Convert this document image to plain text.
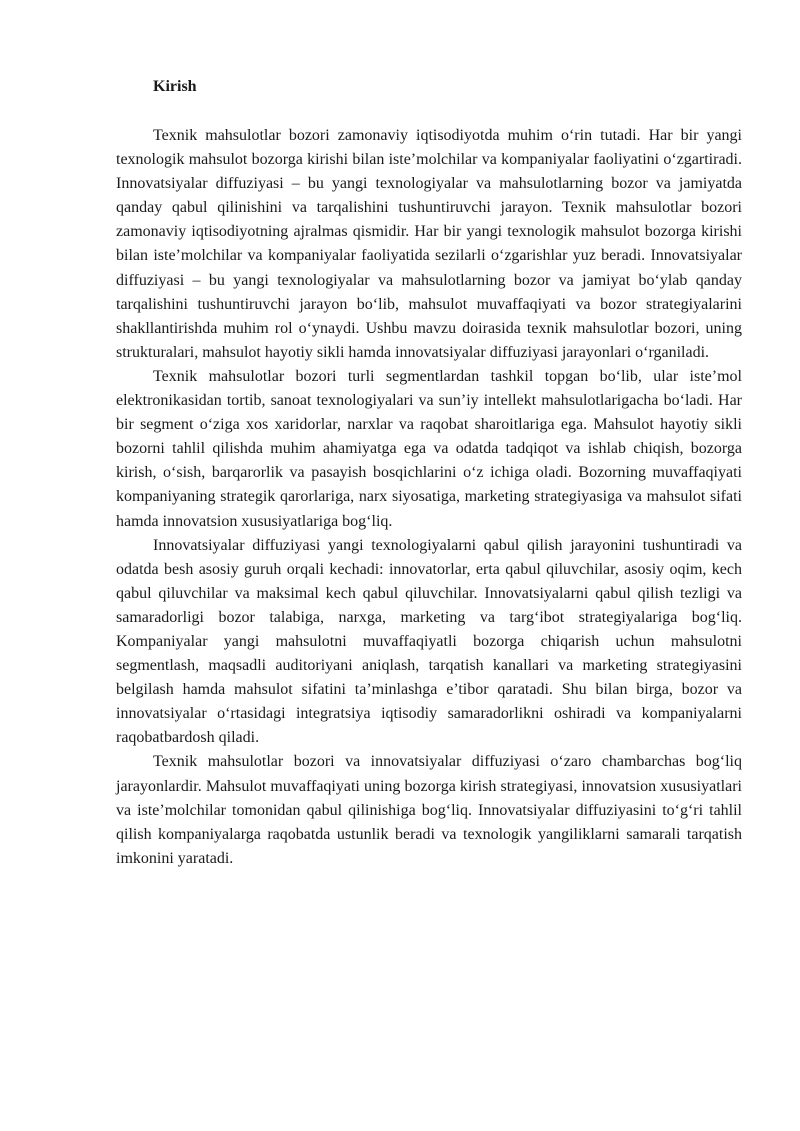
Kirish

Texnik mahsulotlar bozori zamonaviy iqtisodiyotda muhim o‘rin tutadi. Har bir yangi texnologik mahsulot bozorga kirishi bilan iste’molchilar va kompaniyalar faoliyatini o‘zgartiradi. Innovatsiyalar diffuziyasi – bu yangi texnologiyalar va mahsulotlarning bozor va jamiyatda qanday qabul qilinishini va tarqalishini tushuntiruvchi jarayon. Texnik mahsulotlar bozori zamonaviy iqtisodiyotning ajralmas qismidir. Har bir yangi texnologik mahsulot bozorga kirishi bilan iste’molchilar va kompaniyalar faoliyatida sezilarli o‘zgarishlar yuz beradi. Innovatsiyalar diffuziyasi – bu yangi texnologiyalar va mahsulotlarning bozor va jamiyat bo‘ylab qanday tarqalishini tushuntiruvchi jarayon bo‘lib, mahsulot muvaffaqiyati va bozor strategiyalarini shakllantirishda muhim rol o‘ynaydi. Ushbu mavzu doirasida texnik mahsulotlar bozori, uning strukturalari, mahsulot hayotiy sikli hamda innovatsiyalar diffuziyasi jarayonlari o‘rganiladi.

Texnik mahsulotlar bozori turli segmentlardan tashkil topgan bo‘lib, ular iste’mol elektronikasidan tortib, sanoat texnologiyalari va sun’iy intellekt mahsulotlarigacha bo‘ladi. Har bir segment o‘ziga xos xaridorlar, narxlar va raqobat sharoitlariga ega. Mahsulot hayotiy sikli bozorni tahlil qilishda muhim ahamiyatga ega va odatda tadqiqot va ishlab chiqish, bozorga kirish, o‘sish, barqarorlik va pasayish bosqichlarini o‘z ichiga oladi. Bozorning muvaffaqiyati kompaniyaning strategik qarorlariga, narx siyosatiga, marketing strategiyasiga va mahsulot sifati hamda innovatsion xususiyatlariga bog‘liq.

Innovatsiyalar diffuziyasi yangi texnologiyalarni qabul qilish jarayonini tushuntiradi va odatda besh asosiy guruh orqali kechadi: innovatorlar, erta qabul qiluvchilar, asosiy oqim, kech qabul qiluvchilar va maksimal kech qabul qiluvchilar. Innovatsiyalarni qabul qilish tezligi va samaradorligi bozor talabiga, narxga, marketing va targ‘ibot strategiyalariga bog‘liq. Kompaniyalar yangi mahsulotni muvaffaqiyatli bozorga chiqarish uchun mahsulotni segmentlash, maqsadli auditoriyani aniqlash, tarqatish kanallari va marketing strategiyasini belgilash hamda mahsulot sifatini ta’minlashga e’tibor qaratadi. Shu bilan birga, bozor va innovatsiyalar o‘rtasidagi integratsiya iqtisodiy samaradorlikni oshiradi va kompaniyalarni raqobatbardosh qiladi.

Texnik mahsulotlar bozori va innovatsiyalar diffuziyasi o‘zaro chambarchas bog‘liq jarayonlardir. Mahsulot muvaffaqiyati uning bozorga kirish strategiyasi, innovatsion xususiyatlari va iste’molchilar tomonidan qabul qilinishiga bog‘liq. Innovatsiyalar diffuziyasini to‘g‘ri tahlil qilish kompaniyalarga raqobatda ustunlik beradi va texnologik yangiliklarni samarali tarqatish imkonini yaratadi.
